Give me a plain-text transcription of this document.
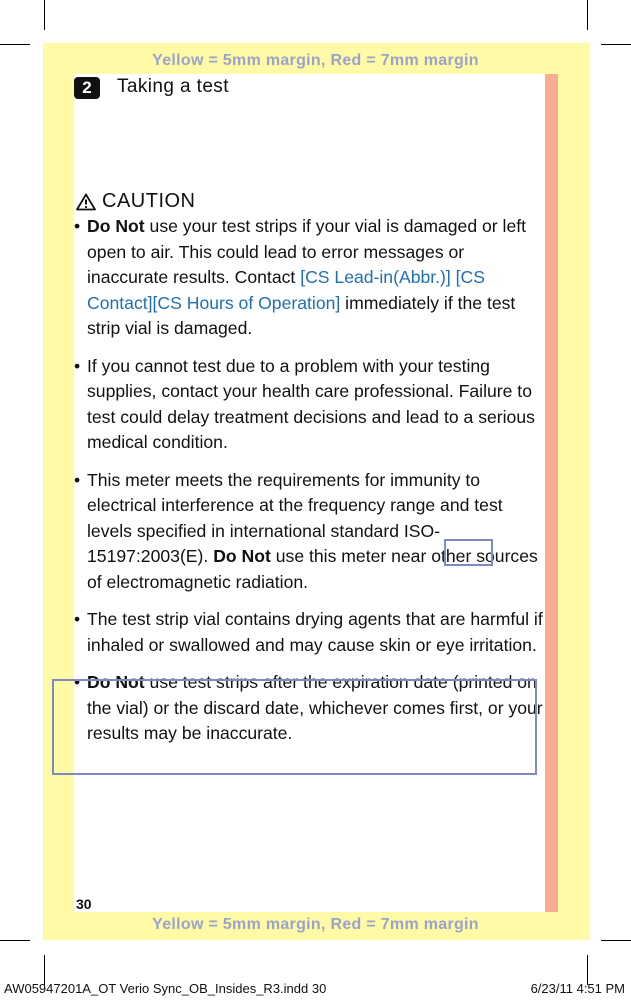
Yellow = 5mm margin, Red = 7mm margin
Yellow = 5mm margin, Red = 7mm margin
2	Taking a test
CAUTION
• Do Not use your test strips if your vial is damaged or left open to air. This could lead to error messages or inaccurate results. Contact [CS Lead-in(Abbr.)] [CS Contact][CS Hours of Operation] immediately if the test strip vial is damaged.
• If you cannot test due to a problem with your testing supplies, contact your health care professional. Failure to test could delay treatment decisions and lead to a serious medical condition.
• This meter meets the requirements for immunity to electrical interference at the frequency range and test levels specified in international standard ISO-15197:2003(E). Do Not use this meter near other sources of electromagnetic radiation.
• The test strip vial contains drying agents that are harmful if inhaled or swallowed and may cause skin or eye irritation.
• Do Not use test strips after the expiration date (printed on the vial) or the discard date, whichever comes first, or your results may be inaccurate.
30
AW05947201A_OT Verio Sync_OB_Insides_R3.indd 30	6/23/11 4:51 PM
